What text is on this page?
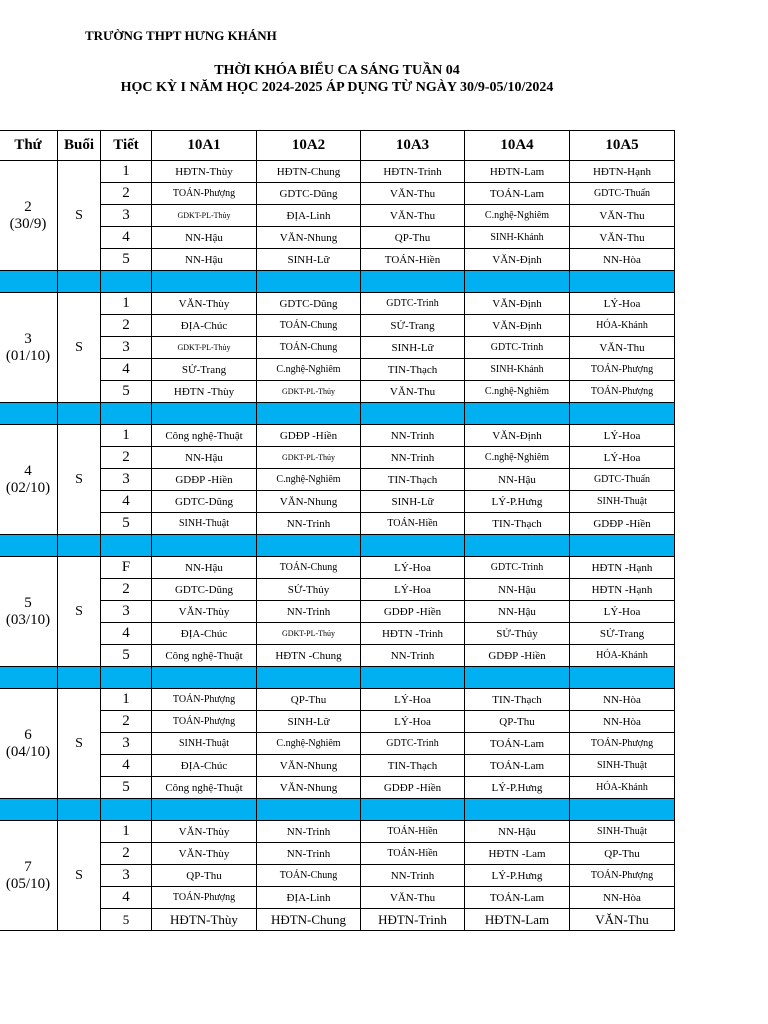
TRƯỜNG THPT HƯNG KHÁNH
THỜI KHÓA BIỂU CA SÁNG TUẦN 04
HỌC KỲ I NĂM HỌC 2024-2025 ÁP DỤNG TỪ NGÀY 30/9-05/10/2024
Thứ	Buổi	Tiết	10A1	10A2	10A3	10A4	10A5
2
(30/9)	S	1	HĐTN-Thùy	HĐTN-Chung	HĐTN-Trinh	HĐTN-Lam	HĐTN-Hạnh
		2	TOÁN-Phượng	GDTC-Dũng	VĂN-Thu	TOÁN-Lam	GDTC-Thuấn
		3	GDKT-PL-Thủy	ĐỊA-Linh	VĂN-Thu	C.nghệ-Nghiêm	VĂN-Thu
		4	NN-Hậu	VĂN-Nhung	QP-Thu	SINH-Khánh	VĂN-Thu
		5	NN-Hậu	SINH-Lữ	TOÁN-Hiền	VĂN-Định	NN-Hòa

3
(01/10)	S	1	VĂN-Thùy	GDTC-Dũng	GDTC-Trinh	VĂN-Định	LÝ-Hoa
		2	ĐỊA-Chúc	TOÁN-Chung	SỬ-Trang	VĂN-Định	HÓA-Khánh
		3	GDKT-PL-Thủy	TOÁN-Chung	SINH-Lữ	GDTC-Trinh	VĂN-Thu
		4	SỬ-Trang	C.nghệ-Nghiêm	TIN-Thạch	SINH-Khánh	TOÁN-Phượng
		5	HĐTN -Thùy	GDKT-PL-Thủy	VĂN-Thu	C.nghệ-Nghiêm	TOÁN-Phượng

4
(02/10)	S	1	Công nghệ-Thuật	GDĐP -Hiền	NN-Trinh	VĂN-Định	LÝ-Hoa
		2	NN-Hậu	GDKT-PL-Thủy	NN-Trinh	C.nghệ-Nghiêm	LÝ-Hoa
		3	GDĐP -Hiền	C.nghệ-Nghiêm	TIN-Thạch	NN-Hậu	GDTC-Thuấn
		4	GDTC-Dũng	VĂN-Nhung	SINH-Lữ	LÝ-P.Hưng	SINH-Thuật
		5	SINH-Thuật	NN-Trinh	TOÁN-Hiền	TIN-Thạch	GDĐP -Hiền

5
(03/10)	S	F	NN-Hậu	TOÁN-Chung	LÝ-Hoa	GDTC-Trinh	HĐTN -Hạnh
		2	GDTC-Dũng	SỬ-Thủy	LÝ-Hoa	NN-Hậu	HĐTN -Hạnh
		3	VĂN-Thùy	NN-Trinh	GDĐP -Hiền	NN-Hậu	LÝ-Hoa
		4	ĐỊA-Chúc	GDKT-PL-Thủy	HĐTN -Trinh	SỬ-Thủy	SỬ-Trang
		5	Công nghệ-Thuật	HĐTN -Chung	NN-Trinh	GDĐP -Hiền	HÓA-Khánh

6
(04/10)	S	1	TOÁN-Phượng	QP-Thu	LÝ-Hoa	TIN-Thạch	NN-Hòa
		2	TOÁN-Phượng	SINH-Lữ	LÝ-Hoa	QP-Thu	NN-Hòa
		3	SINH-Thuật	C.nghệ-Nghiêm	GDTC-Trinh	TOÁN-Lam	TOÁN-Phượng
		4	ĐỊA-Chúc	VĂN-Nhung	TIN-Thạch	TOÁN-Lam	SINH-Thuật
		5	Công nghệ-Thuật	VĂN-Nhung	GDĐP -Hiền	LÝ-P.Hưng	HÓA-Khánh

7
(05/10)	S	1	VĂN-Thùy	NN-Trinh	TOÁN-Hiền	NN-Hậu	SINH-Thuật
		2	VĂN-Thùy	NN-Trinh	TOÁN-Hiền	HĐTN -Lam	QP-Thu
		3	QP-Thu	TOÁN-Chung	NN-Trinh	LÝ-P.Hưng	TOÁN-Phượng
		4	TOÁN-Phượng	ĐỊA-Linh	VĂN-Thu	TOÁN-Lam	NN-Hòa
		5	HĐTN-Thùy	HĐTN-Chung	HĐTN-Trinh	HĐTN-Lam	VĂN-Thu
